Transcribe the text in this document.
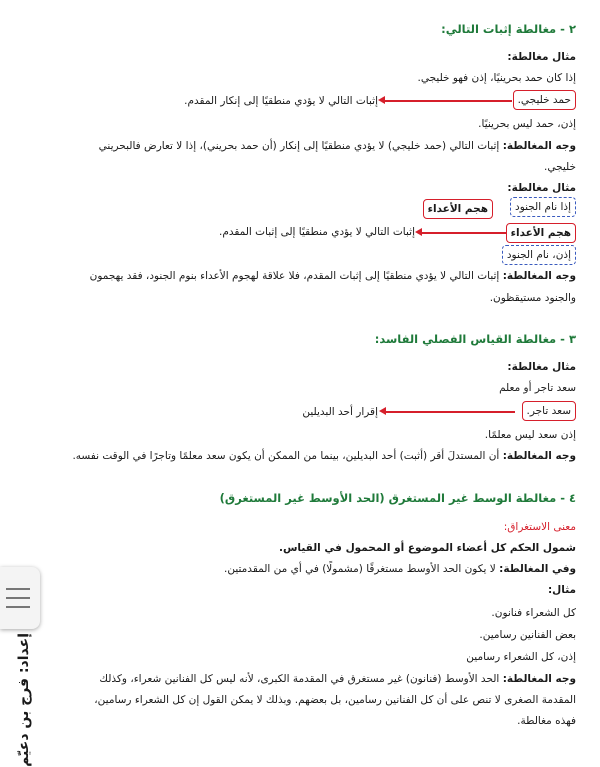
٢ - مغالطة إثبات التالي:
مثال مغالطة:
إذا كان حمد بحرينيًا، إذن فهو خليجي.
حمد خليجي.
إثبات التالي لا يؤدي منطقيًا إلى إنكار المقدم.
إذن، حمد ليس بحرينيًا.
وجه المغالطة: إثبات التالي (حمد خليجي) لا يؤدي منطقيًا إلى إنكار (أن حمد بحريني)، إذا لا تعارض فالبحريني
خليجي.
مثال مغالطة:
إذا نام الجنود
هجم الأعداء
هجم الأعداء
إثبات التالي لا يؤدي منطقيًا إلى إثبات المقدم.
إذن، نام الجنود
وجه المغالطة: إثبات التالي لا يؤدي منطقيًا إلى إثبات المقدم، فلا علاقة لهجوم الأعداء بنوم الجنود، فقد يهجمون
والجنود مستيقظون.
٣ - مغالطة القياس الفصلي الفاسد:
مثال مغالطة:
سعد تاجر أو معلم
سعد تاجر.
إقرار أحد البديلين
إذن سعد ليس معلمًا.
وجه المغالطة: أن المستدلَ أقر (أثبت) أحد البديلين، بينما من الممكن أن يكون سعد معلمًا وتاجرًا في الوقت نفسه.
٤ - مغالطة الوسط غير المستغرق (الحد الأوسط غير المستغرق)
معنى الاستغراق:
شمول الحكم كل أعضاء الموضوع أو المحمول في القياس.
وفي المغالطة: لا يكون الحد الأوسط مستغرقًا (مشمولًا) في أي من المقدمتين.
مثال:
كل الشعراء فنانون.
بعض الفنانين رسامين.
إذن، كل الشعراء رسامين
وجه المغالطة: الحد الأوسط (فنانون) غير مستغرق في المقدمة الكبرى، لأنه ليس كل الفنانين شعراء، وكذلك
المقدمة الصغرى لا تنص على أن كل الفنانين رسامين، بل بعضهم. وبذلك لا يمكن القول إن كل الشعراء رسامين،
فهذه مغالطة.
إعداد: فرج بن دعيّم
